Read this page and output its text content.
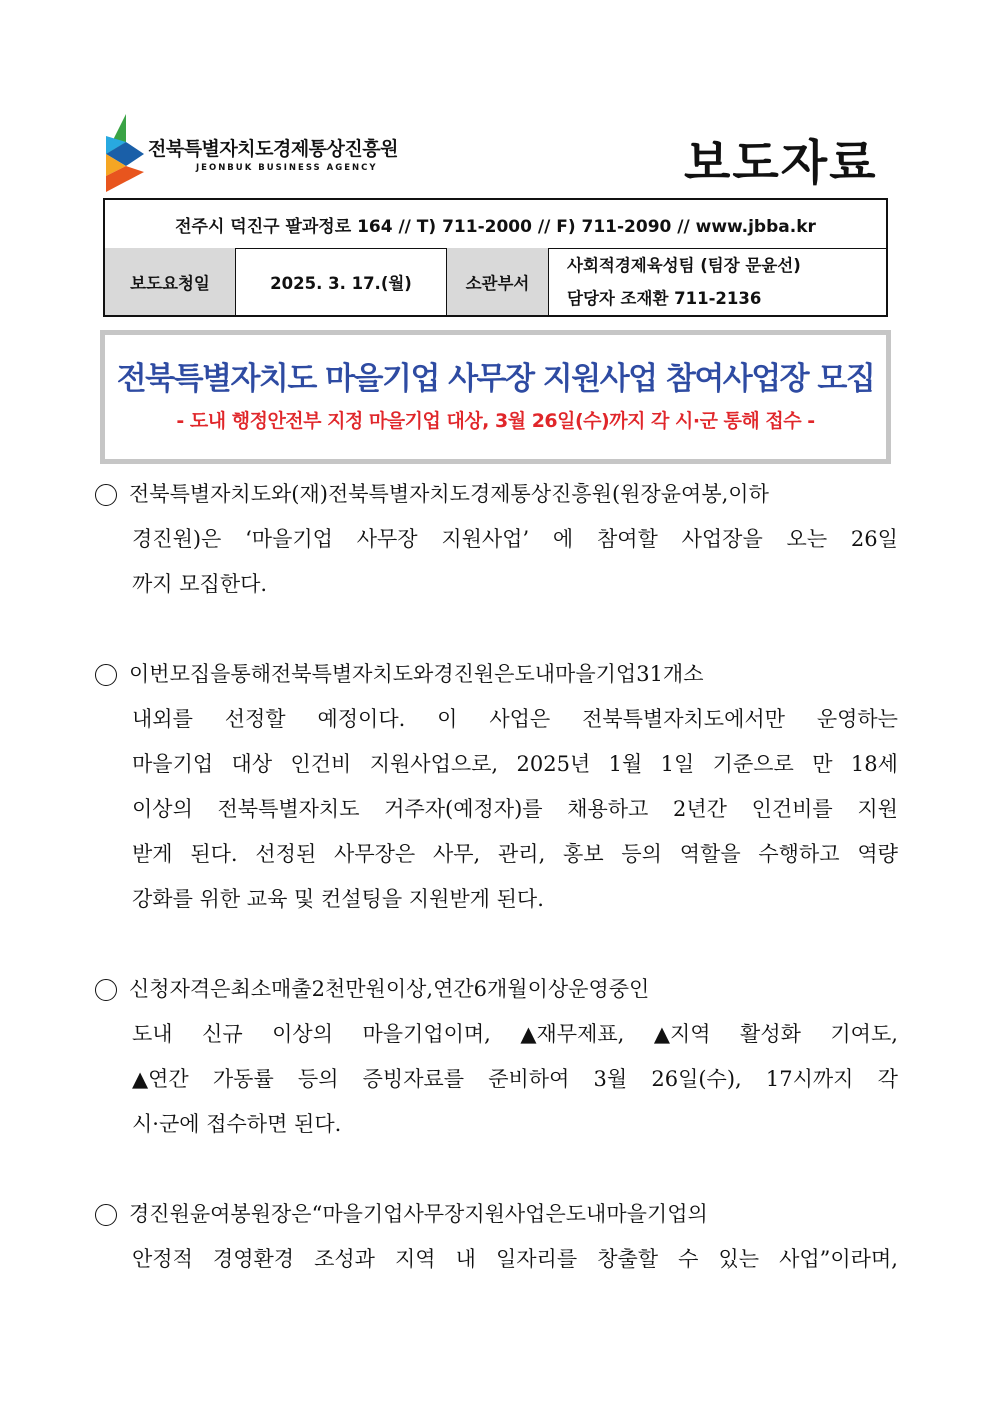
전북특별자치도경제통상진흥원
JEONBUK BUSINESS AGENCY	보도자료
전주시 덕진구 팔과정로 164 // T) 711-2000 // F) 711-2090 // www.jbba.kr
보도요청일	2025. 3. 17.(월)	소관부서
사회적경제육성팀 (팀장 문윤선)
담당자 조재환 711-2136
전북특별자치도 마을기업 사무장 지원사업 참여사업장 모집
- 도내 행정안전부 지정 마을기업 대상, 3월 26일(수)까지 각 시·군 통해 접수 -
전북특별자치도와(재)전북특별자치도경제통상진흥원(원장윤여봉,이하
경진원)은 ‘마을기업 사무장 지원사업’ 에 참여할 사업장을 오는 26일
까지 모집한다.
이번모집을통해전북특별자치도와경진원은도내마을기업31개소
내외를 선정할 예정이다. 이 사업은 전북특별자치도에서만 운영하는
마을기업 대상 인건비 지원사업으로, 2025년 1월 1일 기준으로 만 18세
이상의 전북특별자치도 거주자(예정자)를 채용하고 2년간 인건비를 지원
받게 된다. 선정된 사무장은 사무, 관리, 홍보 등의 역할을 수행하고 역량
강화를 위한 교육 및 컨설팅을 지원받게 된다.
신청자격은최소매출2천만원이상,연간6개월이상운영중인
도내 신규 이상의 마을기업이며, ▲재무제표, ▲지역 활성화 기여도,
▲연간 가동률 등의 증빙자료를 준비하여 3월 26일(수), 17시까지 각
시·군에 접수하면 된다.
경진원윤여봉원장은“마을기업사무장지원사업은도내마을기업의
안정적 경영환경 조성과 지역 내 일자리를 창출할 수 있는 사업”이라며,
